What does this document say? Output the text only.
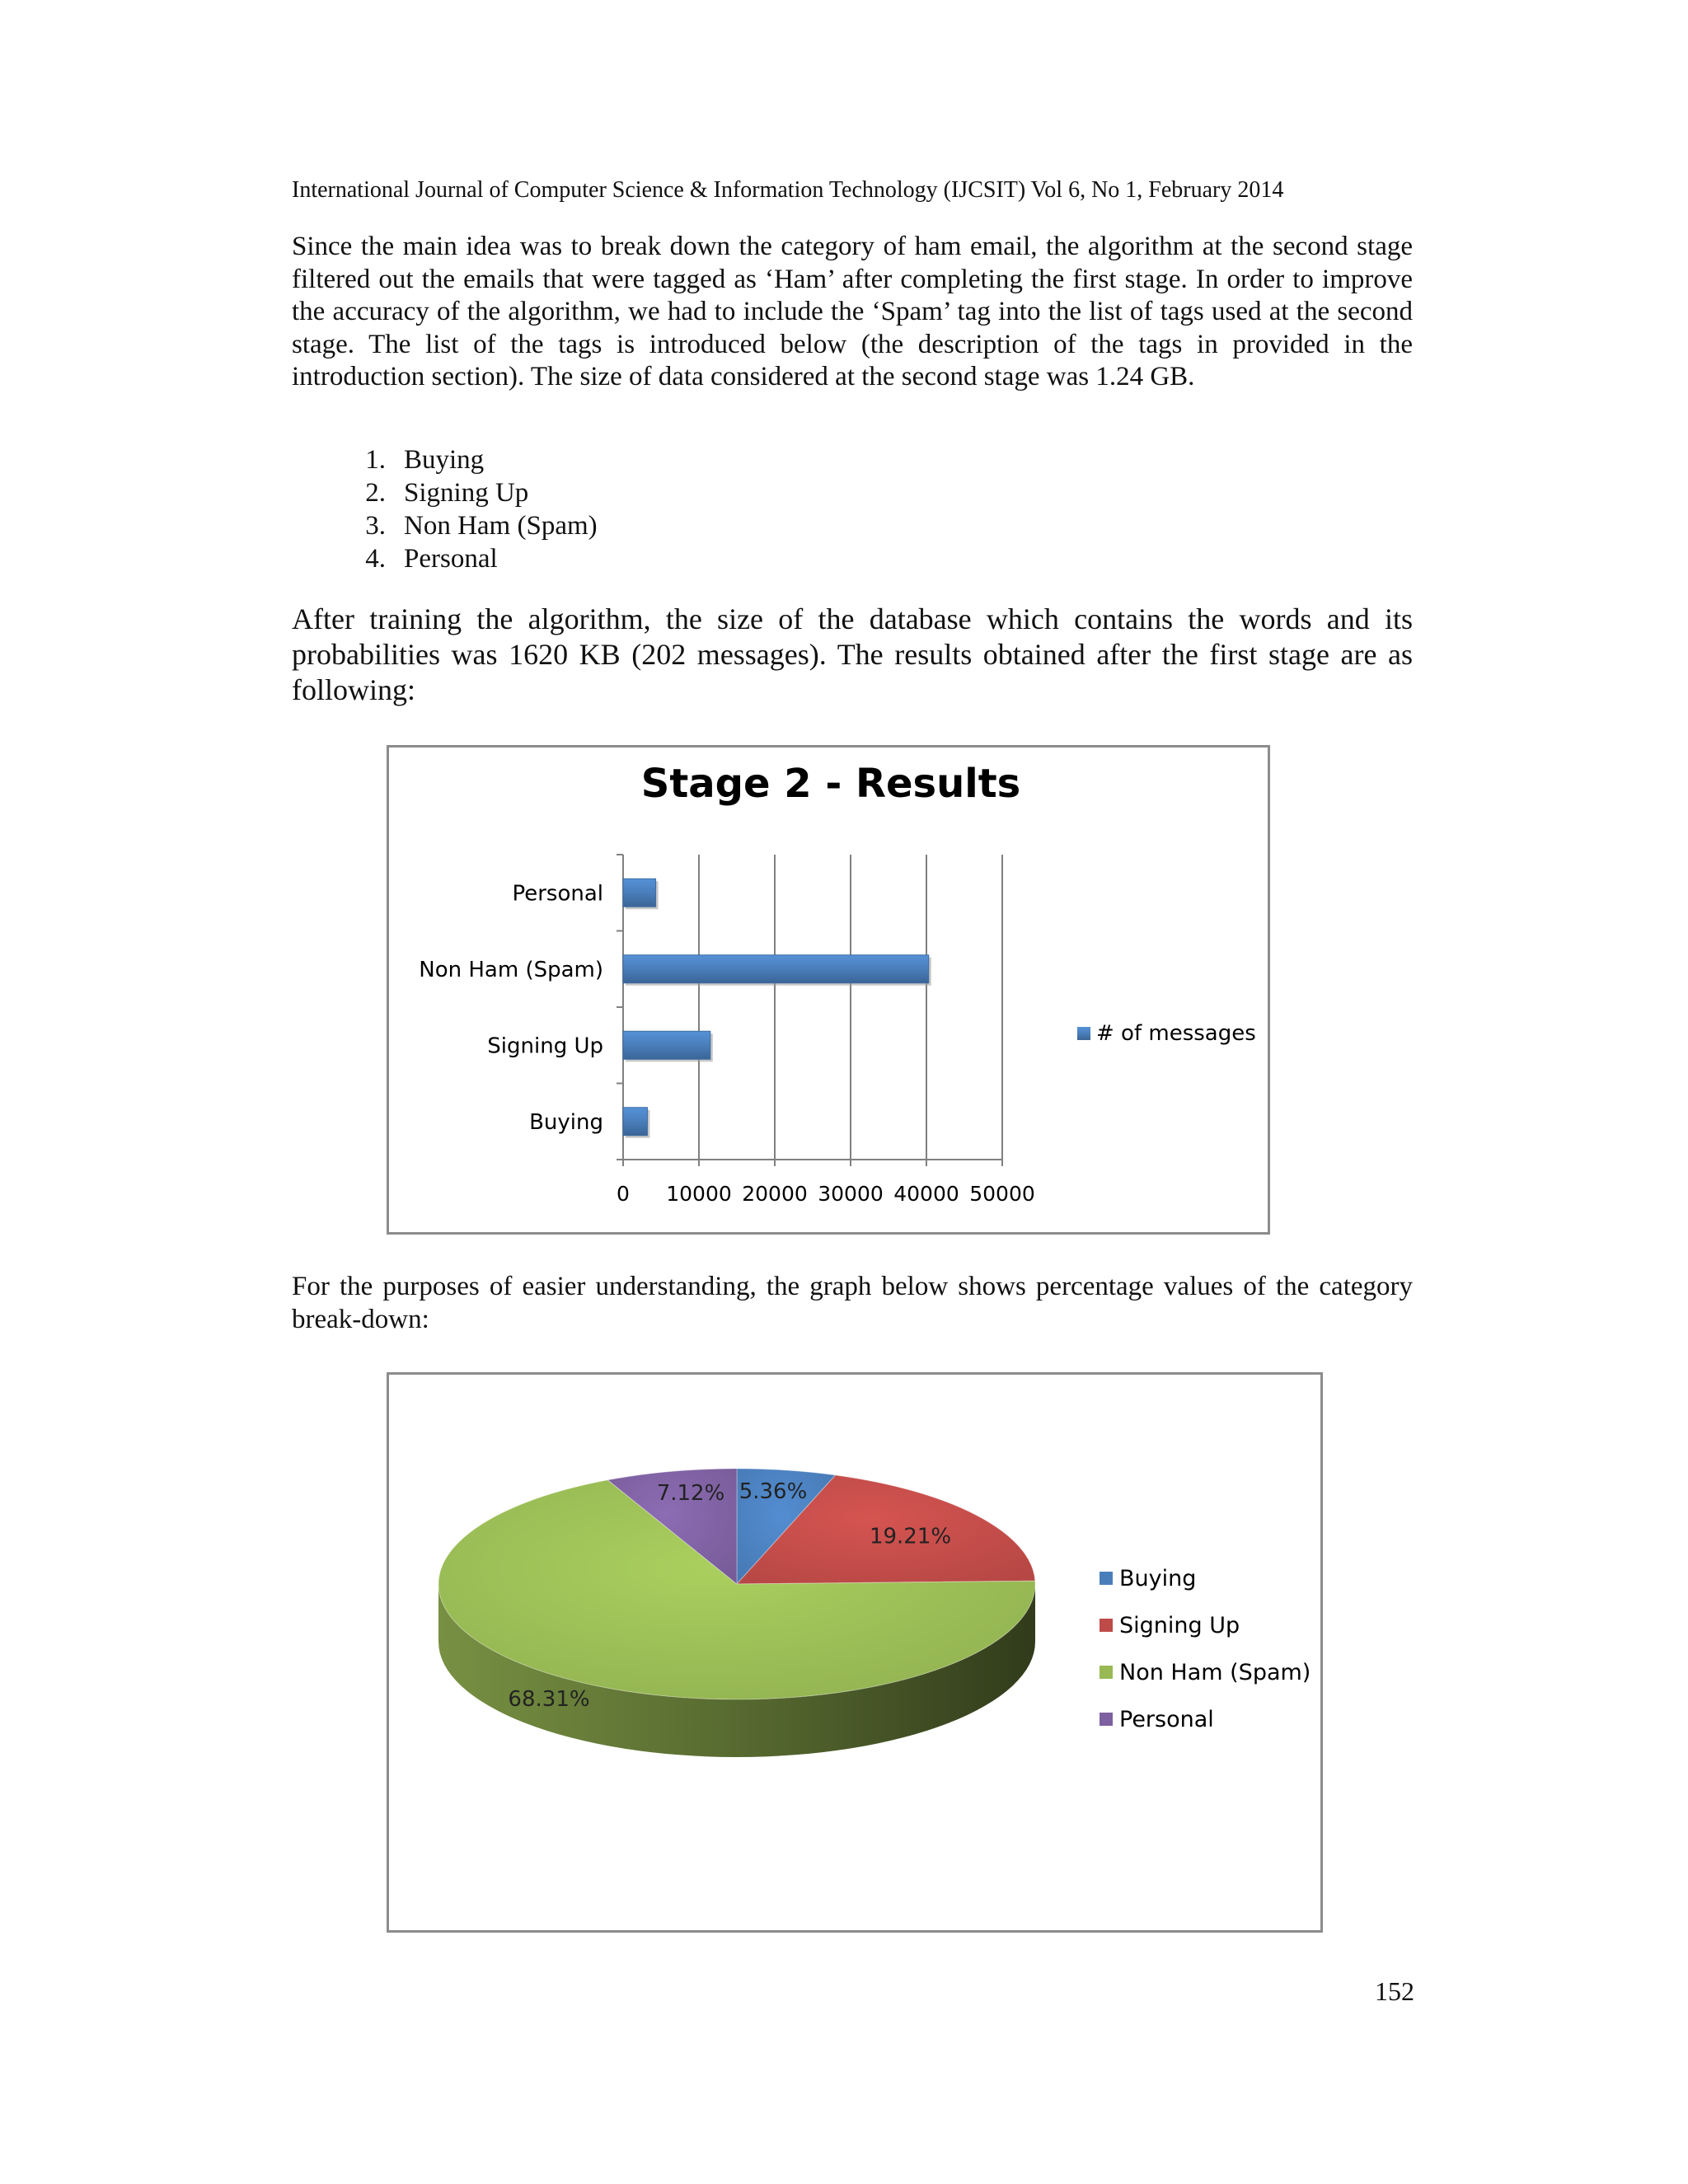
International Journal of Computer Science & Information Technology (IJCSIT) Vol 6, No 1, February 2014

Since the main idea was to break down the category of ham email, the algorithm at the second stage filtered out the emails that were tagged as ‘Ham’ after completing the first stage. In order to improve the accuracy of the algorithm, we had to include the ‘Spam’ tag into the list of tags used at the second stage. The list of the tags is introduced below (the description of the tags in provided in the introduction section). The size of data considered at the second stage was 1.24 GB.

1. Buying
2. Signing Up
3. Non Ham (Spam)
4. Personal

After training the algorithm, the size of the database which contains the words and its probabilities was 1620 KB (202 messages). The results obtained after the first stage are as following:

Stage 2 - Results
0 10000 20000 30000 40000 50000
Buying
Signing Up
Non Ham (Spam)
Personal
# of messages

For the purposes of easier understanding, the graph below shows percentage values of the category break-down:

5.36%
19.21%
68.31%
7.12%
Buying
Signing Up
Non Ham (Spam)
Personal
152
